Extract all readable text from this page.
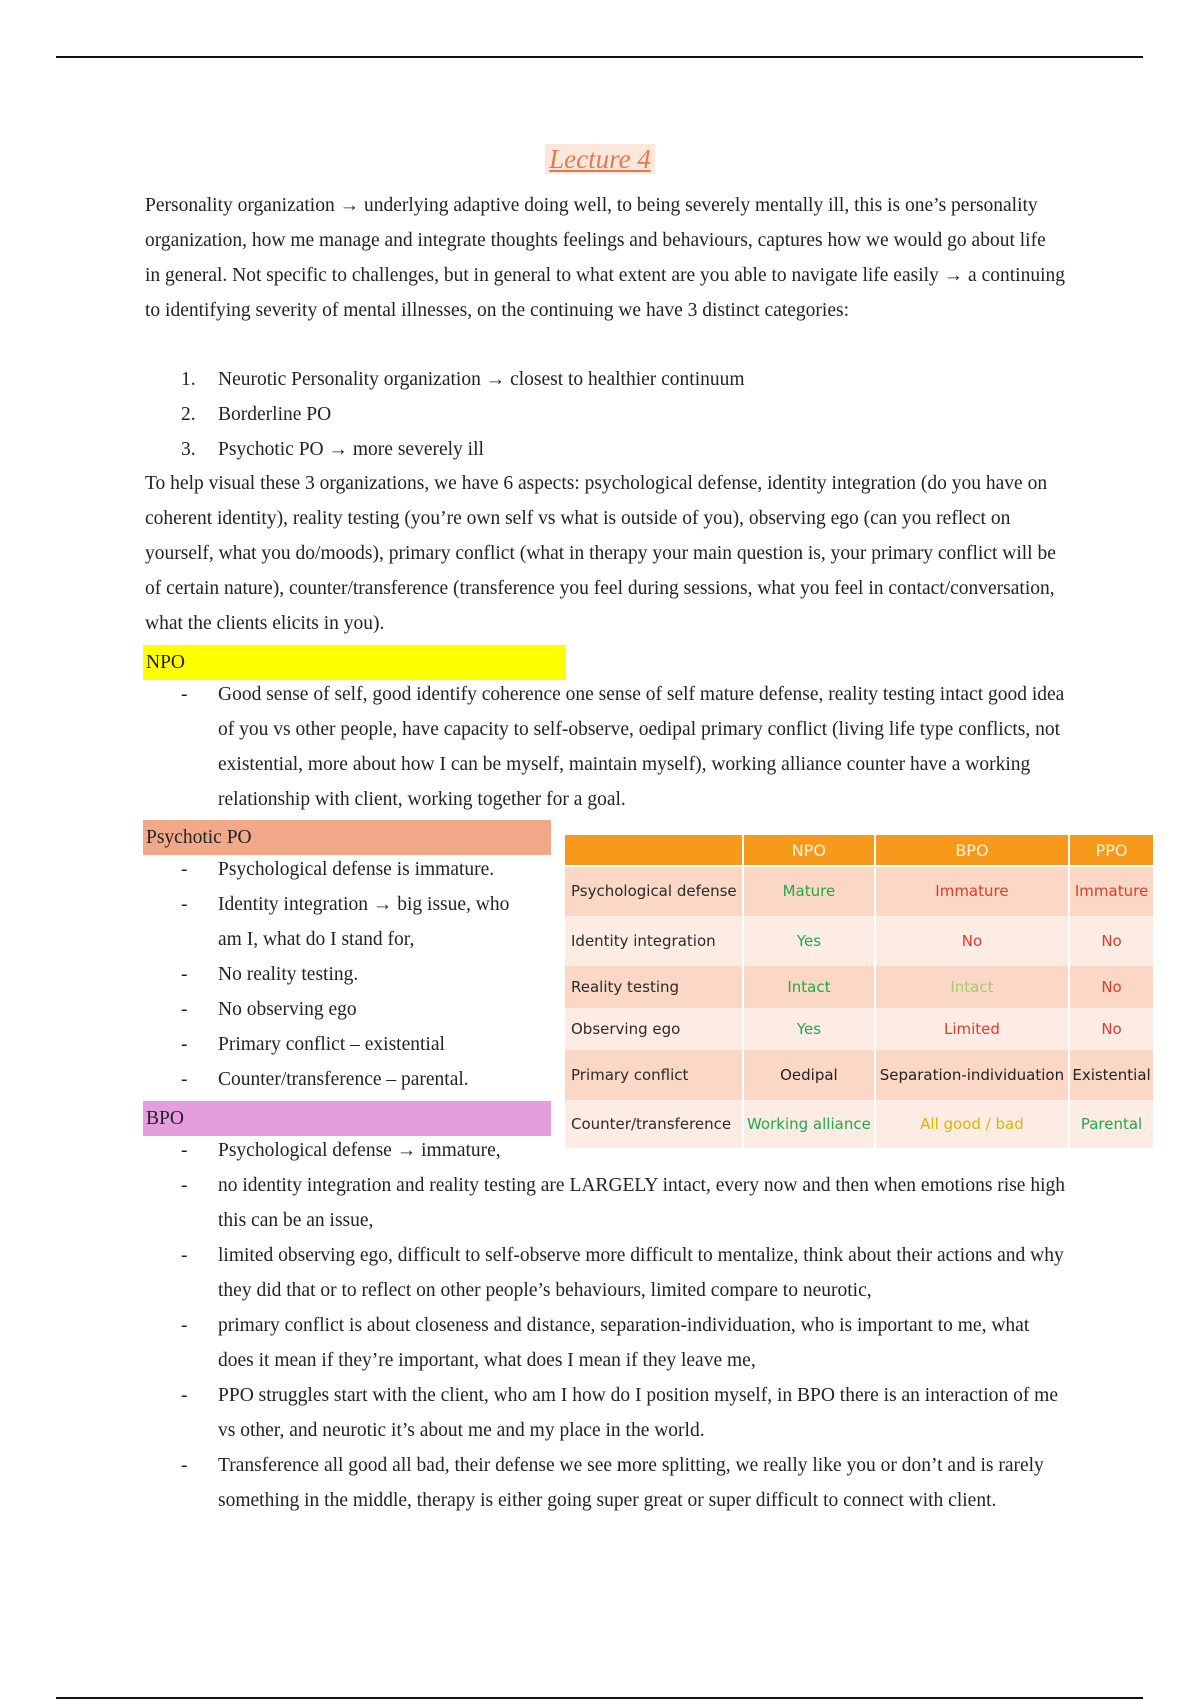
Lecture 4
Personality organization → underlying adaptive doing well, to being severely mentally ill, this is one’s personality organization, how me manage and integrate thoughts feelings and behaviours, captures how we would go about life in general. Not specific to challenges, but in general to what extent are you able to navigate life easily → a continuing to identifying severity of mental illnesses, on the continuing we have 3 distinct categories:
1. Neurotic Personality organization → closest to healthier continuum
2. Borderline PO
3. Psychotic PO → more severely ill
To help visual these 3 organizations, we have 6 aspects: psychological defense, identity integration (do you have on coherent identity), reality testing (you’re own self vs what is outside of you), observing ego (can you reflect on yourself, what you do/moods), primary conflict (what in therapy your main question is, your primary conflict will be of certain nature), counter/transference (transference you feel during sessions, what you feel in contact/conversation, what the clients elicits in you).
NPO
- Good sense of self, good identify coherence one sense of self mature defense, reality testing intact good idea of you vs other people, have capacity to self-observe, oedipal primary conflict (living life type conflicts, not existential, more about how I can be myself, maintain myself), working alliance counter have a working relationship with client, working together for a goal.
Psychotic PO
- Psychological defense is immature.
- Identity integration → big issue, who am I, what do I stand for,
- No reality testing.
- No observing ego
- Primary conflict – existential
- Counter/transference – parental.
	NPO	BPO	PPO
Psychological defense	Mature	Immature	Immature
Identity integration	Yes	No	No
Reality testing	Intact	Intact	No
Observing ego	Yes	Limited	No
Primary conflict	Oedipal	Separation-individuation	Existential
Counter/transference	Working alliance	All good / bad	Parental
BPO
- Psychological defense → immature,
- no identity integration and reality testing are LARGELY intact, every now and then when emotions rise high this can be an issue,
- limited observing ego, difficult to self-observe more difficult to mentalize, think about their actions and why they did that or to reflect on other people’s behaviours, limited compare to neurotic,
- primary conflict is about closeness and distance, separation-individuation, who is important to me, what does it mean if they’re important, what does I mean if they leave me,
- PPO struggles start with the client, who am I how do I position myself, in BPO there is an interaction of me vs other, and neurotic it’s about me and my place in the world.
- Transference all good all bad, their defense we see more splitting, we really like you or don’t and is rarely something in the middle, therapy is either going super great or super difficult to connect with client.
